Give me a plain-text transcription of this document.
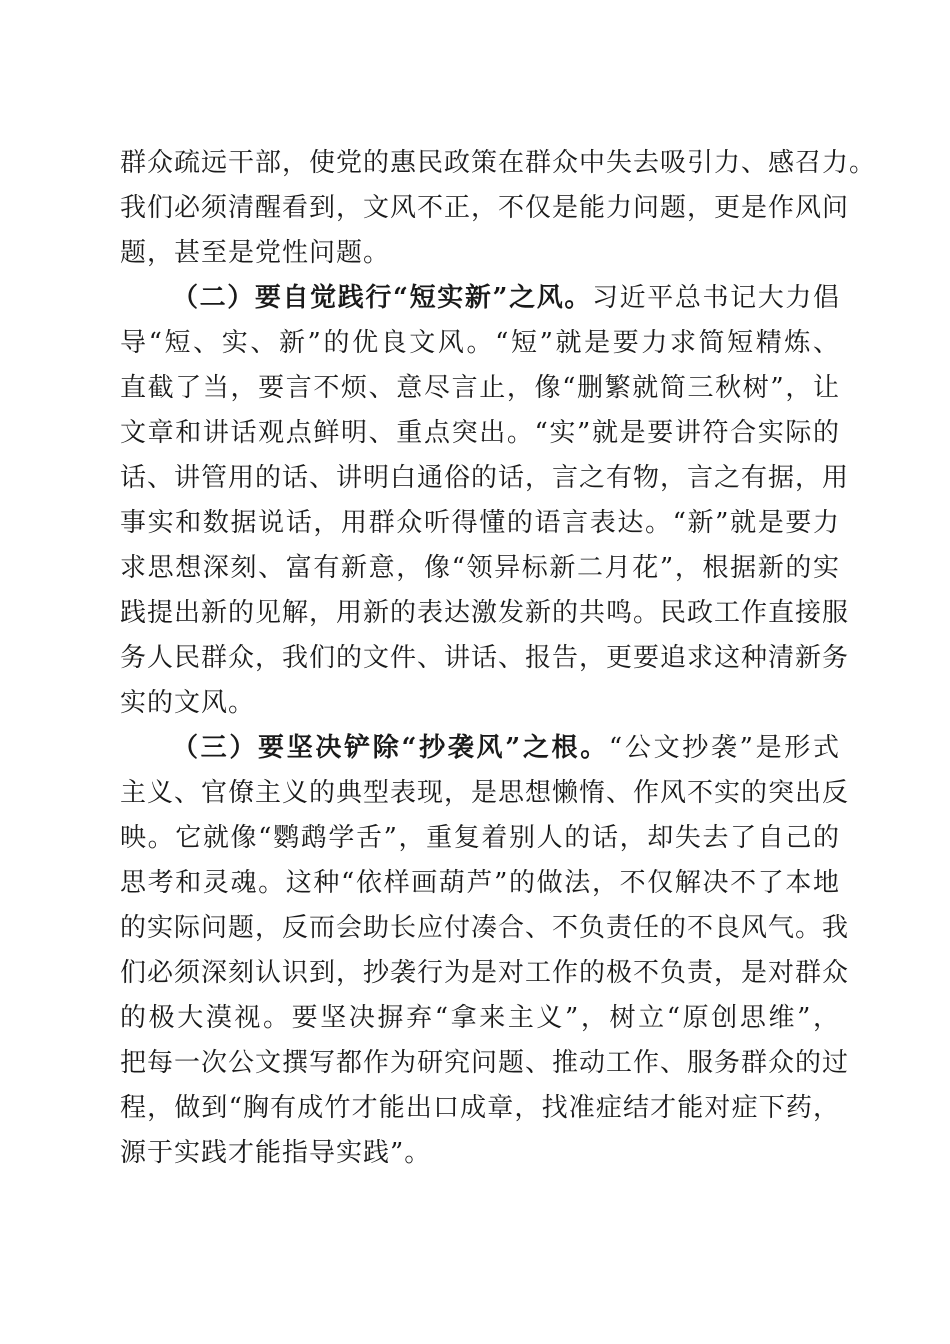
群众疏远干部，使党的惠民政策在群众中失去吸引力、感召力。
我们必须清醒看到，文风不正，不仅是能力问题，更是作风问
题，甚至是党性问题。
（二）要自觉践行“短实新”之风。习近平总书记大力倡
导“短、实、新”的优良文风。“短”就是要力求简短精炼、
直截了当，要言不烦、意尽言止，像“删繁就简三秋树”，让
文章和讲话观点鲜明、重点突出。“实”就是要讲符合实际的
话、讲管用的话、讲明白通俗的话，言之有物，言之有据，用
事实和数据说话，用群众听得懂的语言表达。“新”就是要力
求思想深刻、富有新意，像“领异标新二月花”，根据新的实
践提出新的见解，用新的表达激发新的共鸣。民政工作直接服
务人民群众，我们的文件、讲话、报告，更要追求这种清新务
实的文风。
（三）要坚决铲除“抄袭风”之根。“公文抄袭”是形式
主义、官僚主义的典型表现，是思想懒惰、作风不实的突出反
映。它就像“鹦鹉学舌”，重复着别人的话，却失去了自己的
思考和灵魂。这种“依样画葫芦”的做法，不仅解决不了本地
的实际问题，反而会助长应付凑合、不负责任的不良风气。我
们必须深刻认识到，抄袭行为是对工作的极不负责，是对群众
的极大漠视。要坚决摒弃“拿来主义”，树立“原创思维”，
把每一次公文撰写都作为研究问题、推动工作、服务群众的过
程，做到“胸有成竹才能出口成章，找准症结才能对症下药，
源于实践才能指导实践”。
